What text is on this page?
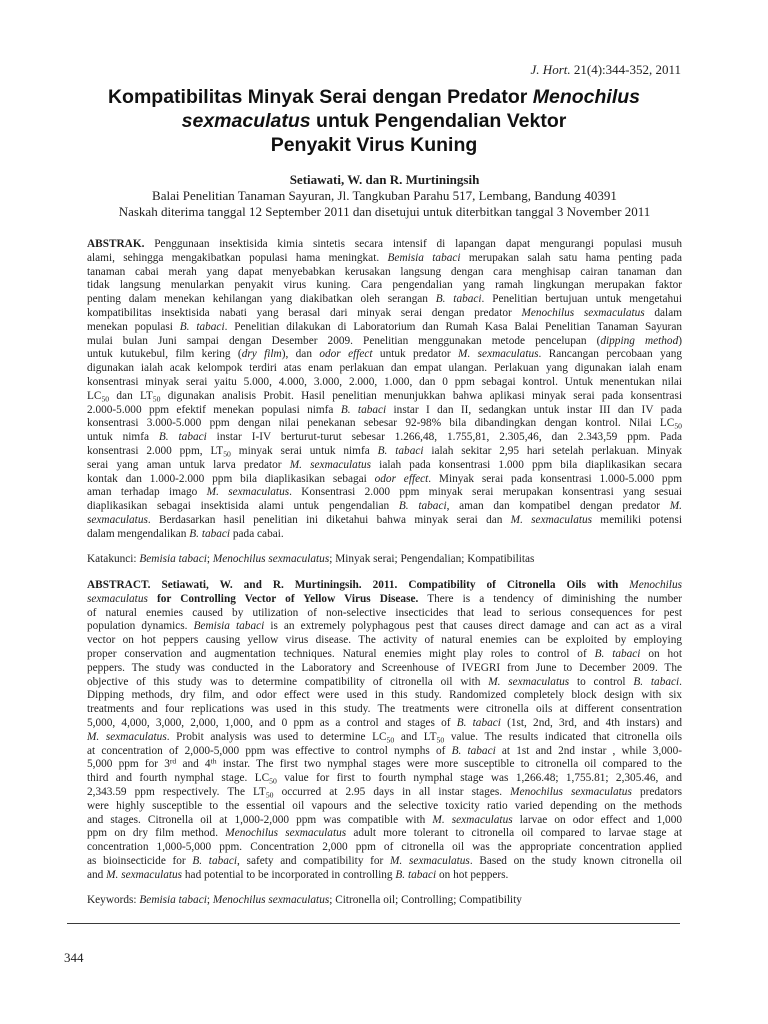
J. Hort. 21(4):344-352, 2011
Kompatibilitas Minyak Serai dengan Predator Menochilus
sexmaculatus untuk Pengendalian Vektor
Penyakit Virus Kuning
Setiawati, W. dan R. Murtiningsih
Balai Penelitian Tanaman Sayuran, Jl. Tangkuban Parahu 517, Lembang, Bandung 40391
Naskah diterima tanggal 12 September 2011 dan disetujui untuk diterbitkan tanggal 3 November 2011
ABSTRAK. Penggunaan insektisida kimia sintetis secara intensif di lapangan dapat mengurangi populasi musuh
alami, sehingga mengakibatkan populasi hama meningkat. Bemisia tabaci merupakan salah satu hama penting pada
tanaman cabai merah yang dapat menyebabkan kerusakan langsung dengan cara menghisap cairan tanaman dan
tidak langsung menularkan penyakit virus kuning. Cara pengendalian yang ramah lingkungan merupakan faktor
penting dalam menekan kehilangan yang diakibatkan oleh serangan B. tabaci. Penelitian bertujuan untuk mengetahui
kompatibilitas insektisida nabati yang berasal dari minyak serai dengan predator Menochilus sexmaculatus dalam
menekan populasi B. tabaci. Penelitian dilakukan di Laboratorium dan Rumah Kasa Balai Penelitian Tanaman Sayuran
mulai bulan Juni sampai dengan Desember 2009. Penelitian menggunakan metode pencelupan (dipping method)
untuk kutukebul, film kering (dry film), dan odor effect untuk predator M. sexmaculatus. Rancangan percobaan yang
digunakan ialah acak kelompok terdiri atas enam perlakuan dan empat ulangan. Perlakuan yang digunakan ialah enam
konsentrasi minyak serai yaitu 5.000, 4.000, 3.000, 2.000, 1.000, dan 0 ppm sebagai kontrol. Untuk menentukan nilai
$LC_{50}$ dan $LT_{50}$ digunakan analisis Probit. Hasil penelitian menunjukkan bahwa aplikasi minyak serai pada konsentrasi
2.000-5.000 ppm efektif menekan populasi nimfa B. tabaci instar I dan II, sedangkan untuk instar III dan IV pada
konsentrasi 3.000-5.000 ppm dengan nilai penekanan sebesar 92-98% bila dibandingkan dengan kontrol. Nilai $LC_{50}$
untuk nimfa B. tabaci instar I-IV berturut-turut sebesar 1.266,48, 1.755,81, 2.305,46, dan 2.343,59 ppm. Pada
konsentrasi 2.000 ppm, $LT_{50}$ minyak serai untuk nimfa B. tabaci ialah sekitar 2,95 hari setelah perlakuan. Minyak
serai yang aman untuk larva predator M. sexmaculatus ialah pada konsentrasi 1.000 ppm bila diaplikasikan secara
kontak dan 1.000-2.000 ppm bila diaplikasikan sebagai odor effect. Minyak serai pada konsentrasi 1.000-5.000 ppm
aman terhadap imago M. sexmaculatus. Konsentrasi 2.000 ppm minyak serai merupakan konsentrasi yang sesuai
diaplikasikan sebagai insektisida alami untuk pengendalian B. tabaci, aman dan kompatibel dengan predator M.
sexmaculatus. Berdasarkan hasil penelitian ini diketahui bahwa minyak serai dan M. sexmaculatus memiliki potensi
dalam mengendalikan B. tabaci pada cabai.
Katakunci: Bemisia tabaci; Menochilus sexmaculatus; Minyak serai; Pengendalian; Kompatibilitas
ABSTRACT. Setiawati, W. and R. Murtiningsih. 2011. Compatibility of Citronella Oils with Menochilus
sexmaculatus for Controlling Vector of Yellow Virus Disease. There is a tendency of diminishing the number
of natural enemies caused by utilization of non-selective insecticides that lead to serious consequences for pest
population dynamics. Bemisia tabaci is an extremely polyphagous pest that causes direct damage and can act as a viral
vector on hot peppers causing yellow virus disease. The activity of natural enemies can be exploited by employing
proper conservation and augmentation techniques. Natural enemies might play roles to control of B. tabaci on hot
peppers. The study was conducted in the Laboratory and Screenhouse of IVEGRI from June to December 2009. The
objective of this study was to determine compatibility of citronella oil with M. sexmaculatus to control B. tabaci.
Dipping methods, dry film, and odor effect were used in this study. Randomized completely block design with six
treatments and four replications was used in this study. The treatments were citronella oils at different consentration
5,000, 4,000, 3,000, 2,000, 1,000, and 0 ppm as a control and stages of B. tabaci (1st, 2nd, 3rd, and 4th instars) and
M. sexmaculatus. Probit analysis was used to determine $LC_{50}$ and $LT_{50}$ value. The results indicated that citronella oils
at concentration of 2,000-5,000 ppm was effective to control nymphs of B. tabaci at 1st and 2nd instar , while 3,000-
5,000 ppm for 3rd and 4th instar. The first two nymphal stages were more susceptible to citronella oil compared to the
third and fourth nymphal stage. $LC_{50}$ value for first to fourth nymphal stage was 1,266.48; 1,755.81; 2,305.46, and
2,343.59 ppm respectively. The $LT_{50}$ occurred at 2.95 days in all instar stages. Menochilus sexmaculatus predators
were highly susceptible to the essential oil vapours and the selective toxicity ratio varied depending on the methods
and stages. Citronella oil at 1,000-2,000 ppm was compatible with M. sexmaculatus larvae on odor effect and 1,000
ppm on dry film method. Menochilus sexmaculatus adult more tolerant to citronella oil compared to larvae stage at
concentration 1,000-5,000 ppm. Concentration 2,000 ppm of citronella oil was the appropriate concentration applied
as bioinsecticide for B. tabaci, safety and compatibility for M. sexmaculatus. Based on the study known citronella oil
and M. sexmaculatus had potential to be incorporated in controlling B. tabaci on hot peppers.
Keywords: Bemisia tabaci; Menochilus sexmaculatus; Citronella oil; Controlling; Compatibility
344
